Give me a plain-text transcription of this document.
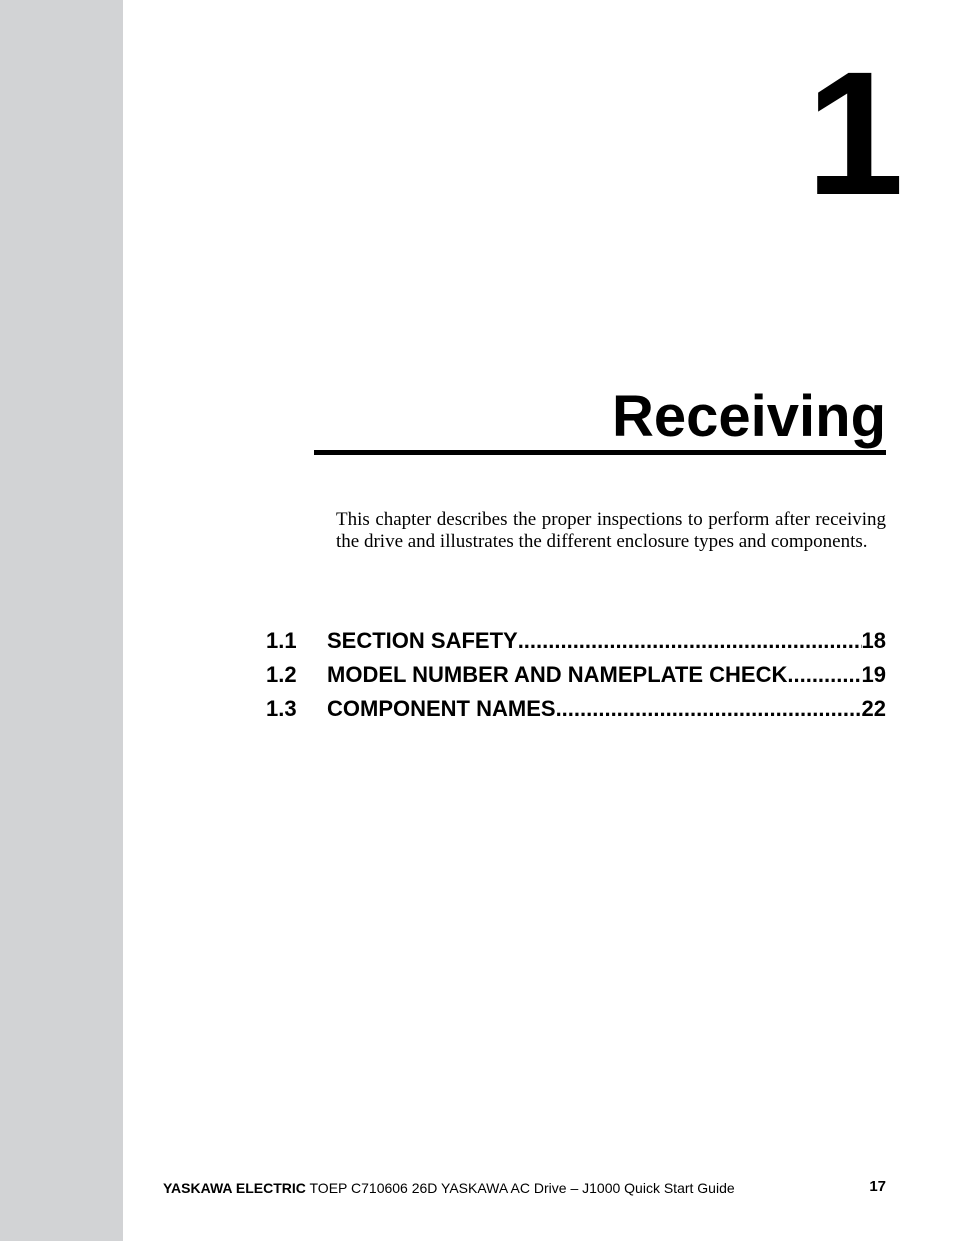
1
Receiving

This chapter describes the proper inspections to perform after receiving the drive and illustrates the different enclosure types and components.

1.1	SECTION SAFETY .....	18
1.2	MODEL NUMBER AND NAMEPLATE CHECK .....	19
1.3	COMPONENT NAMES .....	22
YASKAWA ELECTRIC TOEP C710606 26D YASKAWA AC Drive – J1000 Quick Start Guide	17
